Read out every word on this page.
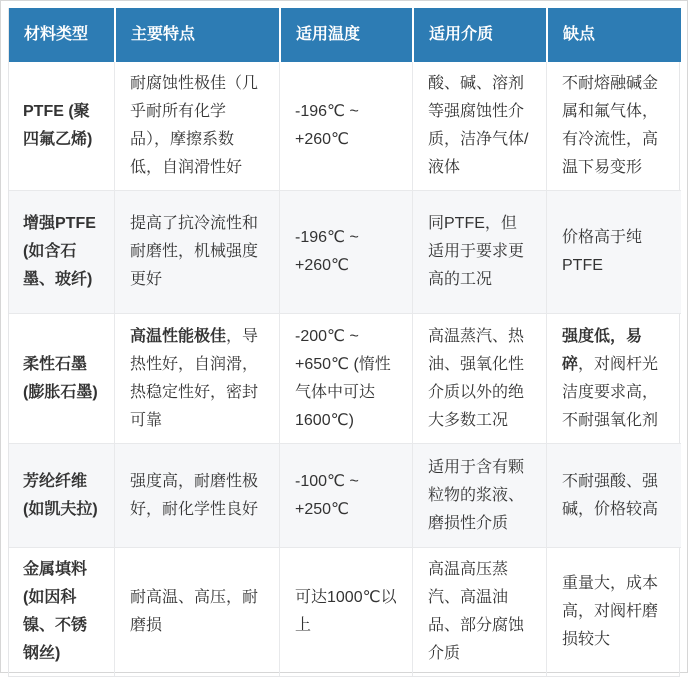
材料类型	主要特点	适用温度	适用介质	缺点
PTFE (聚四氟乙烯)	耐腐蚀性极佳（几乎耐所有化学品），摩擦系数低，自润滑性好	-196℃ ~ +260℃	酸、碱、溶剂等强腐蚀性介质，洁净气体/液体	不耐熔融碱金属和氟气体，有冷流性，高温下易变形
增强PTFE (如含石墨、玻纤)	提高了抗冷流性和耐磨性，机械强度更好	-196℃ ~ +260℃	同PTFE，但适用于要求更高的工况	价格高于纯PTFE
柔性石墨 (膨胀石墨)	高温性能极佳，导热性好，自润滑，热稳定性好，密封可靠	-200℃ ~ +650℃ (惰性气体中可达1600℃)	高温蒸汽、热油、强氧化性介质以外的绝大多数工况	强度低，易碎，对阀杆光洁度要求高，不耐强氧化剂
芳纶纤维 (如凯夫拉)	强度高，耐磨性极好，耐化学性良好	-100℃ ~ +250℃	适用于含有颗粒物的浆液、磨损性介质	不耐强酸、强碱，价格较高
金属填料 (如因科镍、不锈钢丝)	耐高温、高压，耐磨损	可达1000℃以上	高温高压蒸汽、高温油品、部分腐蚀介质	重量大，成本高，对阀杆磨损较大
